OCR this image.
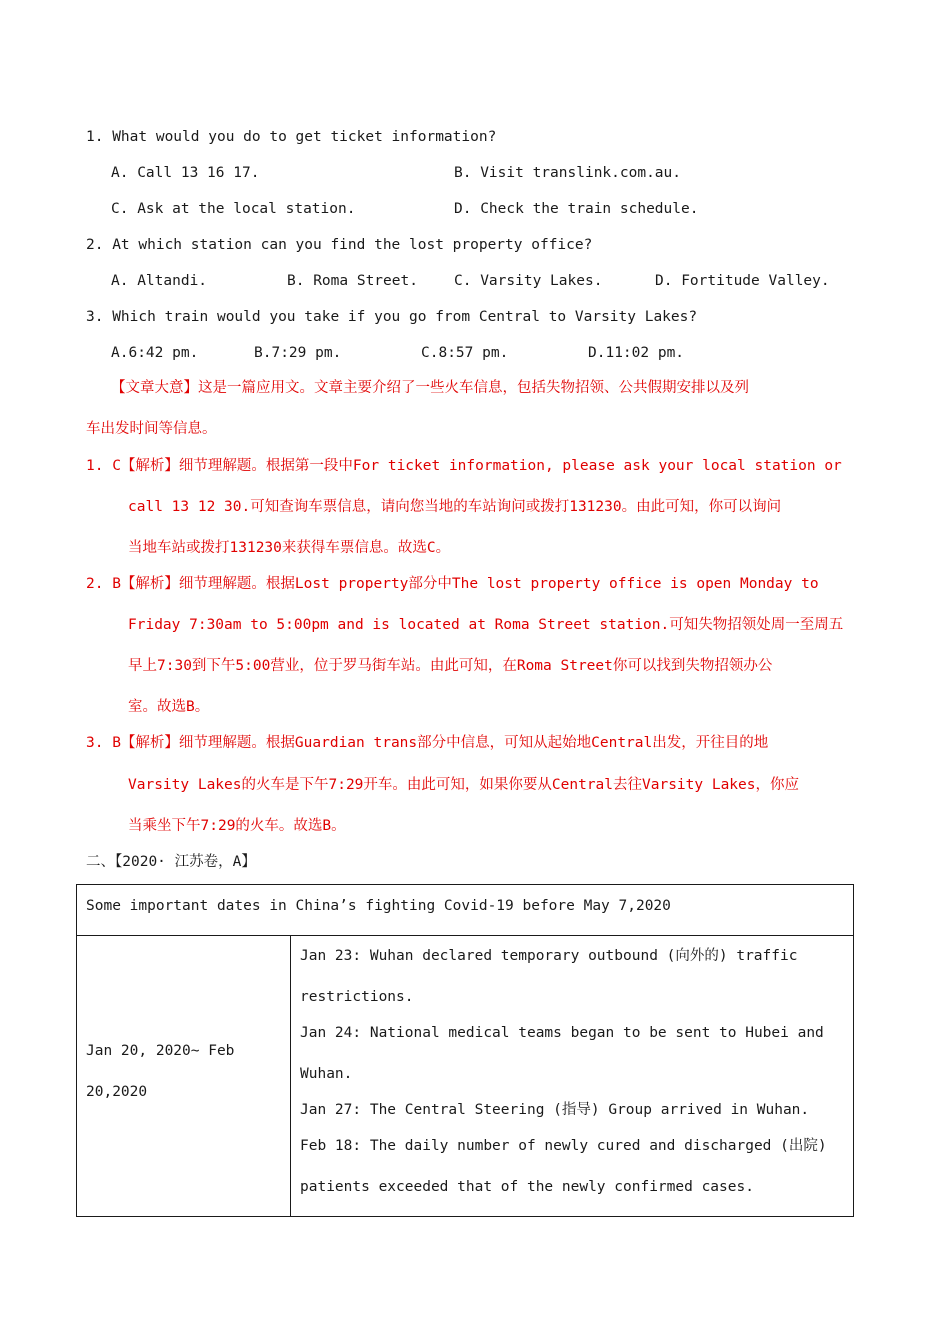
1. What would you do to get ticket information?
A. Call 13 16 17.	B. Visit translink.com.au.
C. Ask at the local station.	D. Check the train schedule.
2. At which station can you find the lost property office?
A. Altandi.	B. Roma Street. C. Varsity Lakes.	D. Fortitude Valley.
3. Which train would you take if you go from Central to Varsity Lakes?
A.6:42 pm.	B.7:29 pm.	C.8:57 pm.	D.11:02 pm.
【文章大意】这是一篇应用文。文章主要介绍了一些火车信息，包括失物招领、公共假期安排以及列
车出发时间等信息。
1. C【解析】细节理解题。根据第一段中For ticket information, please ask your local station or
call 13 12 30.可知查询车票信息，请向您当地的车站询问或拨打131230。由此可知，你可以询问
当地车站或拨打131230来获得车票信息。故选C。
2. B【解析】细节理解题。根据Lost property部分中The lost property office is open Monday to
Friday 7:30am to 5:00pm and is located at Roma Street station.可知失物招领处周一至周五
早上7:30到下午5:00营业，位于罗马街车站。由此可知，在Roma Street你可以找到失物招领办公
室。故选B。
3. B【解析】细节理解题。根据Guardian trans部分中信息，可知从起始地Central出发，开往目的地
Varsity Lakes的火车是下午7:29开车。由此可知，如果你要从Central去往Varsity Lakes，你应
当乘坐下午7:29的火车。故选B。
二、【2020· 江苏卷，A】
Some important dates in China’s fighting Covid-19 before May 7,2020

Jan 20, 2020~ Feb
20,2020

Jan 23: Wuhan declared temporary outbound (向外的) traffic
restrictions.
Jan 24: National medical teams began to be sent to Hubei and
Wuhan.
Jan 27: The Central Steering (指导) Group arrived in Wuhan.
Feb 18: The daily number of newly cured and discharged (出院)
patients exceeded that of the newly confirmed cases.
